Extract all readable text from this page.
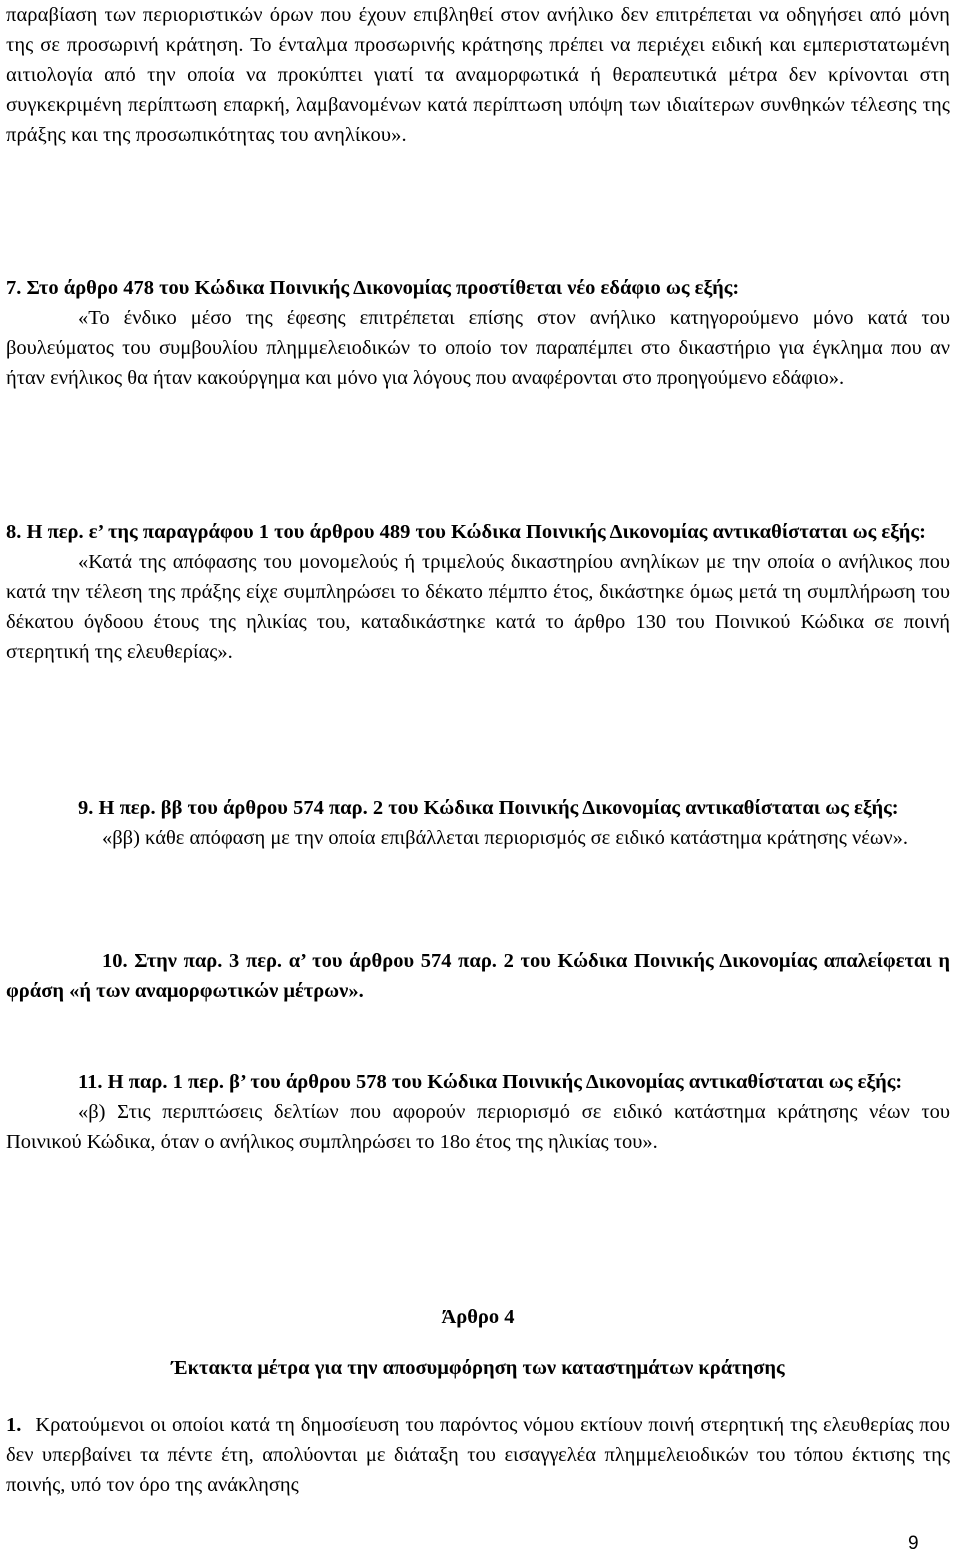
παραβίαση των περιοριστικών όρων που έχουν επιβληθεί στον ανήλικο δεν επιτρέπεται να οδηγήσει από μόνη της σε προσωρινή κράτηση. Το ένταλμα προσωρινής κράτησης πρέπει να περιέχει ειδική και εμπεριστατωμένη αιτιολογία από την οποία να προκύπτει γιατί τα αναμορφωτικά ή θεραπευτικά μέτρα δεν κρίνονται στη συγκεκριμένη περίπτωση επαρκή, λαμβανομένων κατά περίπτωση υπόψη των ιδιαίτερων συνθηκών τέλεσης της πράξης και της προσωπικότητας του ανηλίκου».
7. Στο άρθρο 478 του Κώδικα Ποινικής Δικονομίας προστίθεται νέο εδάφιο ως εξής:
«Το ένδικο μέσο της έφεσης επιτρέπεται επίσης στον ανήλικο κατηγορούμενο μόνο κατά του βουλεύματος του συμβουλίου πλημμελειοδικών το οποίο τον παραπέμπει στο δικαστήριο για έγκλημα που αν ήταν ενήλικος θα ήταν κακούργημα και μόνο για λόγους που αναφέρονται στο προηγούμενο εδάφιο».
8. Η περ. ε’ της παραγράφου 1 του άρθρου 489 του Κώδικα Ποινικής Δικονομίας αντικαθίσταται ως εξής:
«Κατά της απόφασης του μονομελούς ή τριμελούς δικαστηρίου ανηλίκων με την οποία ο ανήλικος που κατά την τέλεση της πράξης είχε συμπληρώσει το δέκατο πέμπτο έτος, δικάστηκε όμως μετά τη συμπλήρωση του δέκατου όγδοου έτους της ηλικίας του, καταδικάστηκε κατά το άρθρο 130 του Ποινικού Κώδικα σε ποινή στερητική της ελευθερίας».
9. Η περ. ββ του άρθρου 574 παρ. 2 του Κώδικα Ποινικής Δικονομίας αντικαθίσταται ως εξής:
«ββ) κάθε απόφαση με την οποία επιβάλλεται περιορισμός σε ειδικό κατάστημα κράτησης νέων».
10. Στην παρ. 3 περ. α’ του άρθρου 574 παρ. 2 του Κώδικα Ποινικής Δικονομίας απαλείφεται η φράση «ή των αναμορφωτικών μέτρων».
11. Η παρ. 1 περ. β’ του άρθρου 578 του Κώδικα Ποινικής Δικονομίας αντικαθίσταται ως εξής:
«β) Στις περιπτώσεις δελτίων που αφορούν περιορισμό σε ειδικό κατάστημα κράτησης νέων του Ποινικού Κώδικα, όταν ο ανήλικος συμπληρώσει το 18ο έτος της ηλικίας του».
Άρθρο 4
Έκτακτα μέτρα για την αποσυμφόρηση των καταστημάτων κράτησης
1. Κρατούμενοι οι οποίοι κατά τη δημοσίευση του παρόντος νόμου εκτίουν ποινή στερητική της ελευθερίας που δεν υπερβαίνει τα πέντε έτη, απολύονται με διάταξη του εισαγγελέα πλημμελειοδικών του τόπου έκτισης της ποινής, υπό τον όρο της ανάκλησης
9
